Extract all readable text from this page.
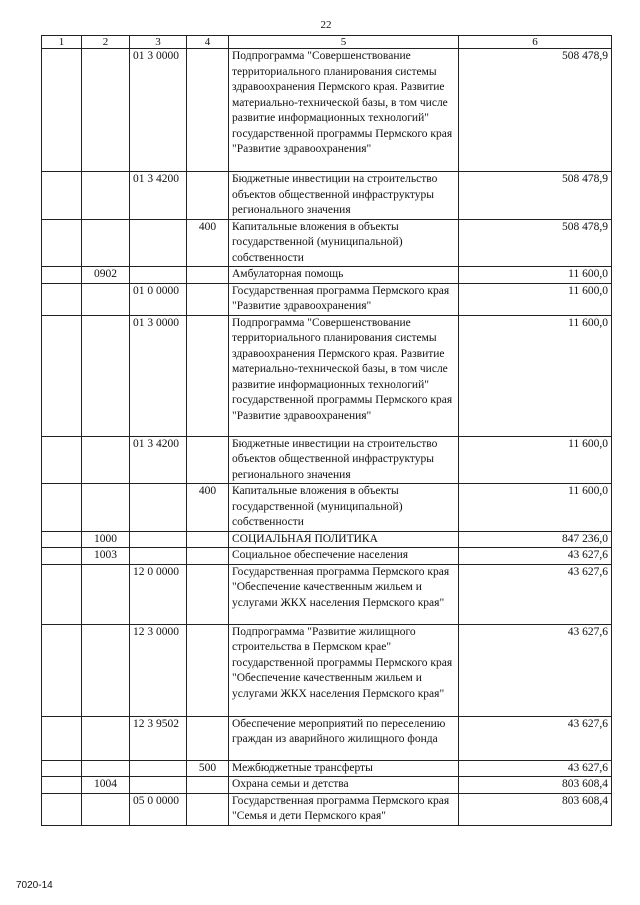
22
1	2	3	4	5	6
		01 3 0000		Подпрограмма "Совершенствование территориального планирования системы здравоохранения Пермского края. Развитие материально-технической базы, в том числе развитие информационных технологий" государственной программы Пермского края "Развитие здравоохранения"	508 478,9
		01 3 4200		Бюджетные инвестиции на строительство объектов общественной инфраструктуры регионального значения	508 478,9
			400	Капитальные вложения в объекты государственной (муниципальной) собственности	508 478,9
	0902			Амбулаторная помощь	11 600,0
		01 0 0000		Государственная программа Пермского края "Развитие здравоохранения"	11 600,0
		01 3 0000		Подпрограмма "Совершенствование территориального планирования системы здравоохранения Пермского края. Развитие материально-технической базы, в том числе развитие информационных технологий" государственной программы Пермского края "Развитие здравоохранения"	11 600,0
		01 3 4200		Бюджетные инвестиции на строительство объектов общественной инфраструктуры регионального значения	11 600,0
			400	Капитальные вложения в объекты государственной (муниципальной) собственности	11 600,0
	1000			СОЦИАЛЬНАЯ ПОЛИТИКА	847 236,0
	1003			Социальное обеспечение населения	43 627,6
		12 0 0000		Государственная программа Пермского края "Обеспечение качественным жильем и услугами ЖКХ населения Пермского края"	43 627,6
		12 3 0000		Подпрограмма "Развитие жилищного строительства в Пермском крае" государственной программы Пермского края "Обеспечение качественным жильем и услугами ЖКХ населения Пермского края"	43 627,6
		12 3 9502		Обеспечение мероприятий по переселению граждан из аварийного жилищного фонда	43 627,6
			500	Межбюджетные трансферты	43 627,6
	1004			Охрана семьи и детства	803 608,4
		05 0 0000		Государственная программа Пермского края "Семья и дети Пермского края"	803 608,4
7020-14
